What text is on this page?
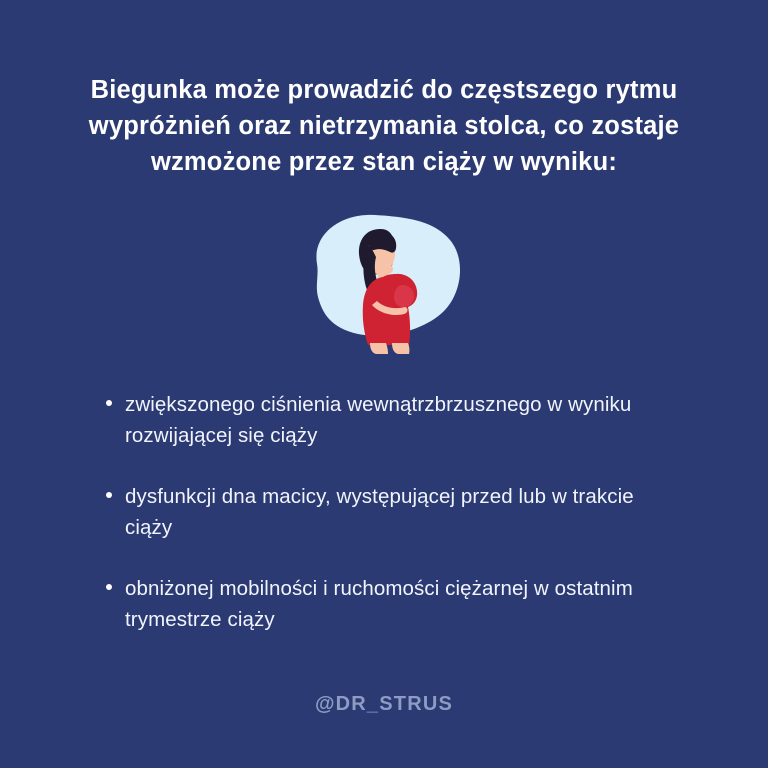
Biegunka może prowadzić do częstszego rytmu wypróżnień oraz nietrzymania stolca, co zostaje wzmożone przez stan ciąży w wyniku:
zwiększonego ciśnienia wewnątrzbrzusznego w wyniku rozwijającej się ciąży
dysfunkcji dna macicy, występującej przed lub w trakcie ciąży
obniżonej mobilności i ruchomości ciężarnej w ostatnim trymestrze ciąży
@DR_STRUS
